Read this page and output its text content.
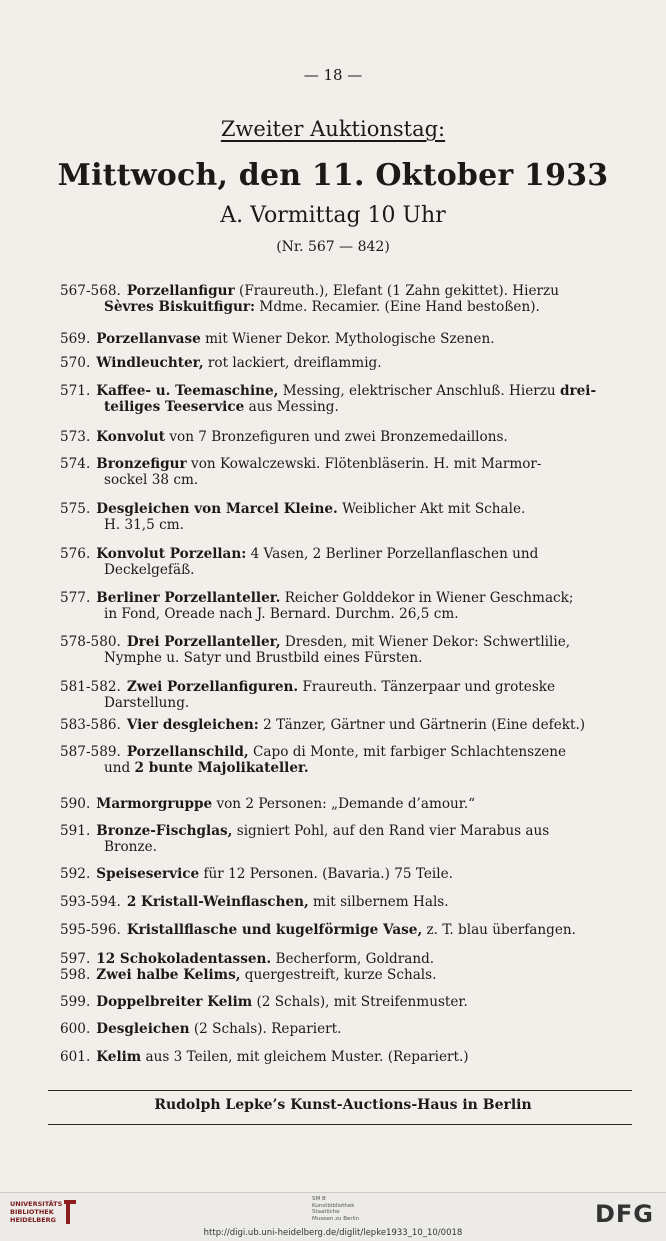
— 18 —
Zweiter Auktionstag:
Mittwoch, den 11. Oktober 1933
A. Vormittag 10 Uhr
(Nr. 567 — 842)
567-568. Porzellanfigur (Fraureuth.), Elefant (1 Zahn gekittet). Hierzu
Sèvres Biskuitfigur: Mdme. Recamier. (Eine Hand bestoßen).
569. Porzellanvase mit Wiener Dekor. Mythologische Szenen.
570. Windleuchter, rot lackiert, dreiflammig.
571. Kaffee- u. Teemaschine, Messing, elektrischer Anschluß. Hierzu drei-
teiliges Teeservice aus Messing.
573. Konvolut von 7 Bronzefiguren und zwei Bronzemedaillons.
574. Bronzefigur von Kowalczewski. Flötenbläserin. H. mit Marmor-
sockel 38 cm.
575. Desgleichen von Marcel Kleine. Weiblicher Akt mit Schale.
H. 31,5 cm.
576. Konvolut Porzellan: 4 Vasen, 2 Berliner Porzellanflaschen und
Deckelgefäß.
577. Berliner Porzellanteller. Reicher Golddekor in Wiener Geschmack;
in Fond, Oreade nach J. Bernard. Durchm. 26,5 cm.
578-580. Drei Porzellanteller, Dresden, mit Wiener Dekor: Schwertlilie,
Nymphe u. Satyr und Brustbild eines Fürsten.
581-582. Zwei Porzellanfiguren. Fraureuth. Tänzerpaar und groteske
Darstellung.
583-586. Vier desgleichen: 2 Tänzer, Gärtner und Gärtnerin (Eine defekt.)
587-589. Porzellanschild, Capo di Monte, mit farbiger Schlachtenszene
und 2 bunte Majolikateller.
590. Marmorgruppe von 2 Personen: „Demande d’amour.“
591. Bronze-Fischglas, signiert Pohl, auf den Rand vier Marabus aus
Bronze.
592. Speiseservice für 12 Personen. (Bavaria.) 75 Teile.
593-594. 2 Kristall-Weinflaschen, mit silbernem Hals.
595-596. Kristallflasche und kugelförmige Vase, z. T. blau überfangen.
597. 12 Schokoladentassen. Becherform, Goldrand.
598. Zwei halbe Kelims, quergestreift, kurze Schals.
599. Doppelbreiter Kelim (2 Schals), mit Streifenmuster.
600. Desgleichen (2 Schals). Repariert.
601. Kelim aus 3 Teilen, mit gleichem Muster. (Repariert.)
Rudolph Lepke’s Kunst-Auctions-Haus in Berlin
UNIVERSITÄTS BIBLIOTHEK HEIDELBERG
SM B Kunstbibliothek Staatliche Museen zu Berlin	DFG
http://digi.ub.uni-heidelberg.de/diglit/lepke1933_10_10/0018
